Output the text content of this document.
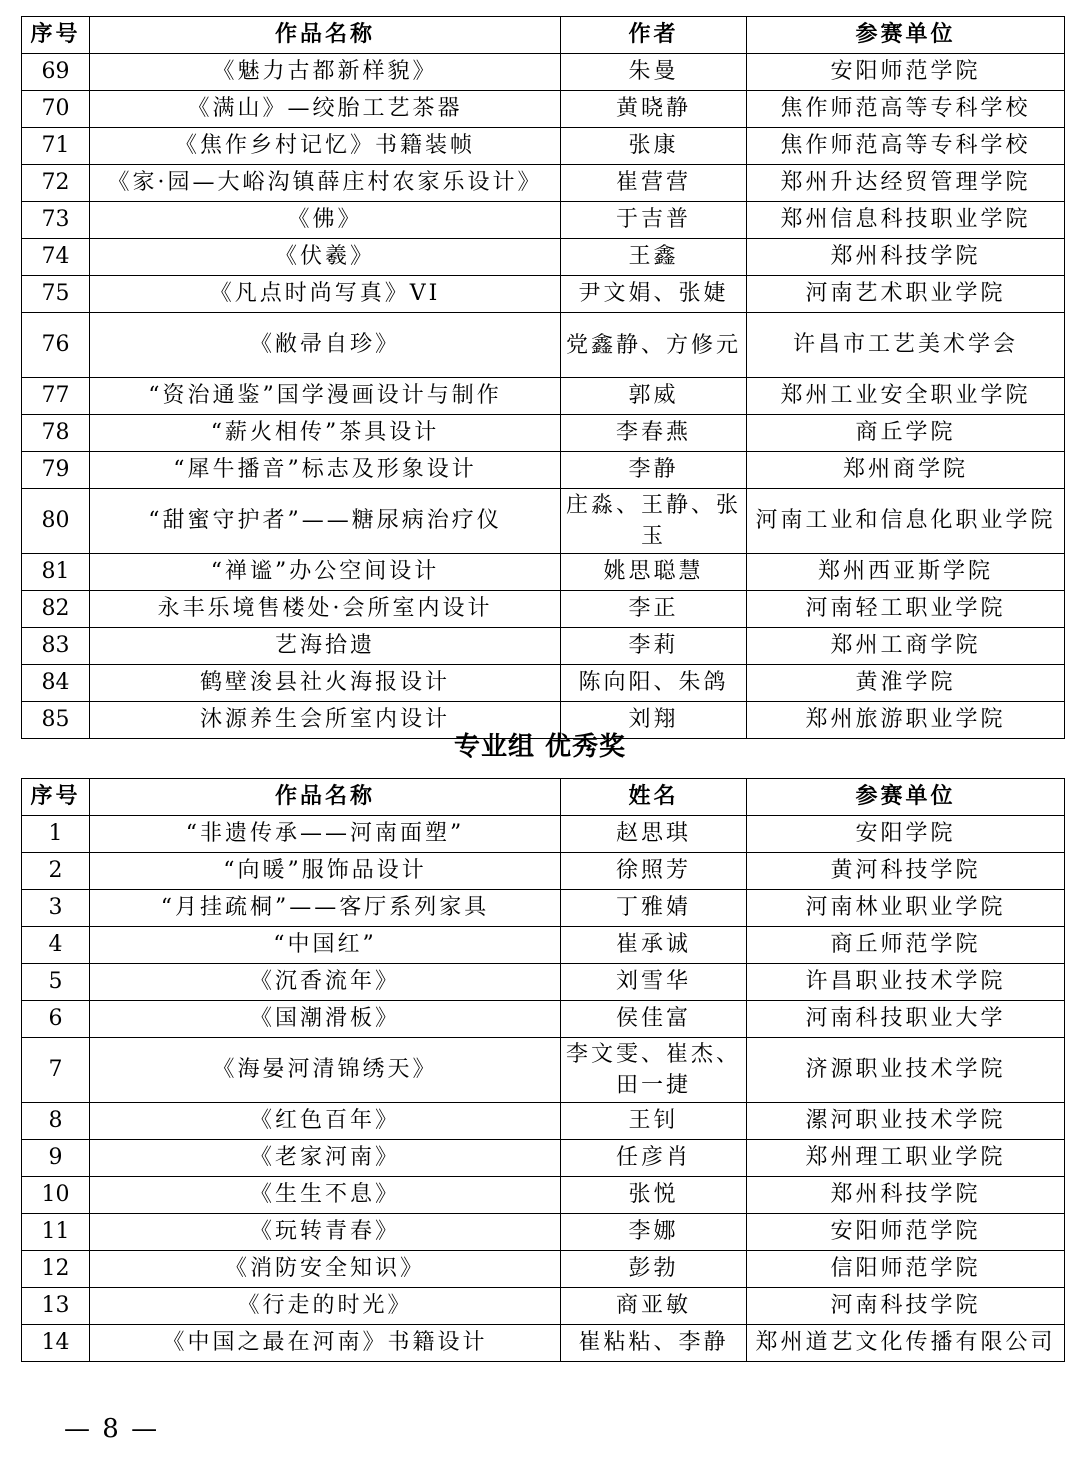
序号	作品名称	作者	参赛单位
69	《魅力古都新样貌》	朱曼	安阳师范学院
70	《满山》—绞胎工艺茶器	黄晓静	焦作师范高等专科学校
71	《焦作乡村记忆》书籍装帧	张康	焦作师范高等专科学校
72	《家·园—大峪沟镇薛庄村农家乐设计》	崔营营	郑州升达经贸管理学院
73	《佛》	于吉普	郑州信息科技职业学院
74	《伏羲》	王鑫	郑州科技学院
75	《凡点时尚写真》VI	尹文娟、张婕	河南艺术职业学院
76	《敝帚自珍》	党鑫静、方修元	许昌市工艺美术学会
77	“资治通鉴”国学漫画设计与制作	郭威	郑州工业安全职业学院
78	“薪火相传”茶具设计	李春燕	商丘学院
79	“犀牛播音”标志及形象设计	李静	郑州商学院
80	“甜蜜守护者”——糖尿病治疗仪	庄淼、王静、张玉	河南工业和信息化职业学院
81	“禅谧”办公空间设计	姚思聪慧	郑州西亚斯学院
82	永丰乐境售楼处·会所室内设计	李正	河南轻工职业学院
83	艺海拾遗	李莉	郑州工商学院
84	鹤壁浚县社火海报设计	陈向阳、朱鸽	黄淮学院
85	沐源养生会所室内设计	刘翔	郑州旅游职业学院
专业组 优秀奖
序号	作品名称	姓名	参赛单位
1	“非遗传承——河南面塑”	赵思琪	安阳学院
2	“向暖”服饰品设计	徐照芳	黄河科技学院
3	“月挂疏桐”——客厅系列家具	丁雅婧	河南林业职业学院
4	“中国红”	崔承诚	商丘师范学院
5	《沉香流年》	刘雪华	许昌职业技术学院
6	《国潮滑板》	侯佳富	河南科技职业大学
7	《海晏河清锦绣天》	李文雯、崔杰、田一捷	济源职业技术学院
8	《红色百年》	王钊	漯河职业技术学院
9	《老家河南》	任彦肖	郑州理工职业学院
10	《生生不息》	张悦	郑州科技学院
11	《玩转青春》	李娜	安阳师范学院
12	《消防安全知识》	彭勃	信阳师范学院
13	《行走的时光》	商亚敏	河南科技学院
14	《中国之最在河南》书籍设计	崔粘粘、李静	郑州道艺文化传播有限公司
— 8 —
